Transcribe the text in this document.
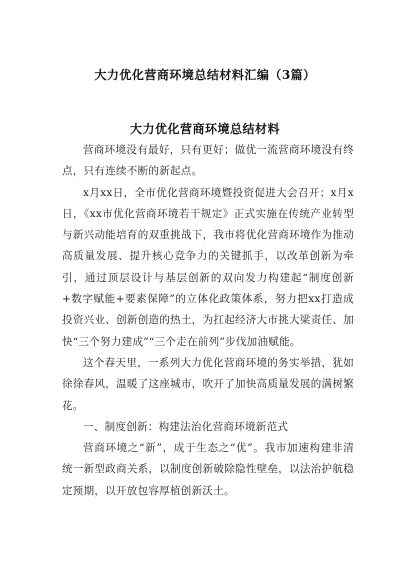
大力优化营商环境总结材料汇编（3篇）
大力优化营商环境总结材料

营商环境没有最好，只有更好；做优一流营商环境没有终点，只有连续不断的新起点。

x月xx日，全市优化营商环境暨投资促进大会召开；x月x日，《xx市优化营商环境若干规定》正式实施在传统产业转型与新兴动能培育的双重挑战下，我市将优化营商环境作为推动高质量发展、提升核心竞争力的关键抓手，以改革创新为牵引，通过顶层设计与基层创新的双向发力构建起“制度创新+数字赋能+要素保障”的立体化政策体系，努力把xx打造成投资兴业、创新创造的热土，为扛起经济大市挑大梁责任、加快“三个努力建成”“三个走在前列”步伐加油赋能。

这个春天里，一系列大力优化营商环境的务实举措，犹如徐徐春风，温暖了这座城市，吹开了加快高质量发展的满树繁花。

一、制度创新：构建法治化营商环境新范式

营商环境之“新”，成于生态之“优”。我市加速构建非清统一新型政商关系，以制度创新破除隐性壁垒，以法治护航稳定预期，以开放包容厚植创新沃土。
